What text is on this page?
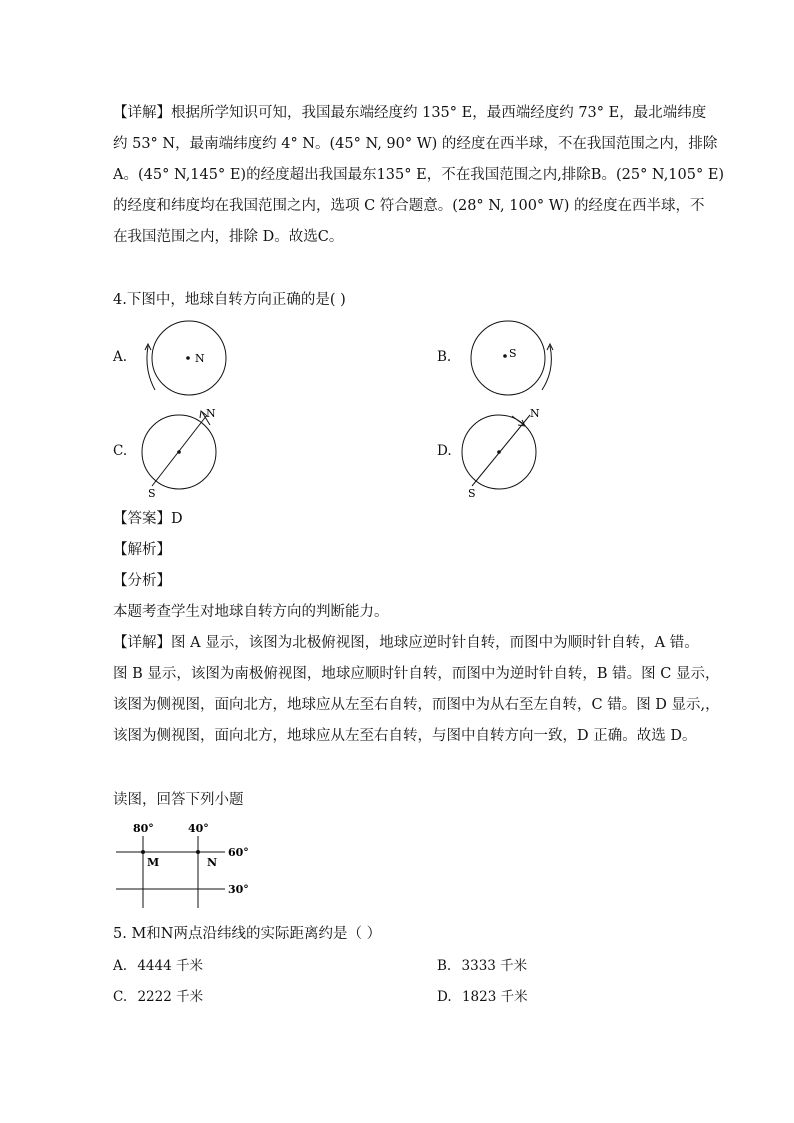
【详解】根据所学知识可知，我国最东端经度约 135° E，最西端经度约 73° E，最北端纬度
约 53° N，最南端纬度约 4° N。(45° N, 90° W) 的经度在西半球，不在我国范围之内，排除
A。(45° N,145° E)的经度超出我国最东135° E，不在我国范围之内,排除B。(25° N,105° E)
的经度和纬度均在我国范围之内，选项 C 符合题意。(28° N, 100° W) 的经度在西半球，不
在我国范围之内，排除 D。故选C。
4.下图中，地球自转方向正确的是( )
A.	N	B.	S
C.
N
S
D.
N
S
【答案】D
【解析】
【分析】
本题考查学生对地球自转方向的判断能力。
【详解】图 A 显示，该图为北极俯视图，地球应逆时针自转，而图中为顺时针自转，A 错。
图 B 显示，该图为南极俯视图，地球应顺时针自转，而图中为逆时针自转，B 错。图 C 显示，
该图为侧视图，面向北方，地球应从左至右自转，而图中为从右至左自转，C 错。图 D 显示,，
该图为侧视图，面向北方，地球应从左至右自转，与图中自转方向一致，D 正确。故选 D。
读图，回答下列小题
80°	40°
M	N
60°
30°
5. M和N两点沿纬线的实际距离约是（ ）
A. 4444 千米	B. 3333 千米
C. 2222 千米	D. 1823 千米
